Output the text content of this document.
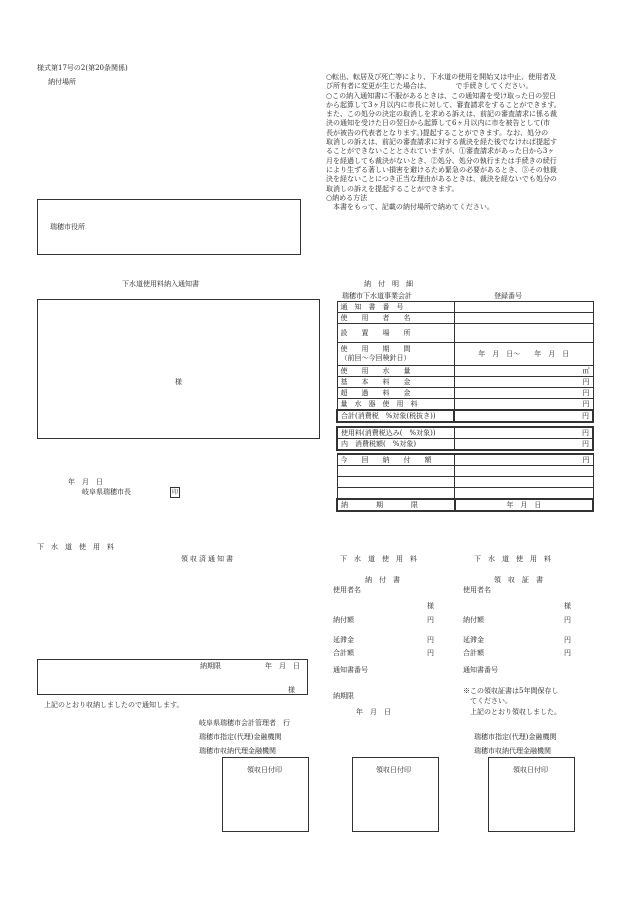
様式第17号の2(第20条関係)
納付場所
○転出、転居及び死亡等により、下水道の使用を開始又は中止、使用者及
び所有者に変更が生じた場合は、　　　　で手続きしてください。
○この納入通知書に不服があるときは、この通知書を受け取った日の翌日
から起算して3ヶ月以内に市長に対して、審査請求をすることができます。
また、この処分の決定の取消しを求める訴えは、前記の審査請求に係る裁
決の通知を受けた日の翌日から起算して6ヶ月以内に市を被告として(市
長が被告の代表者となります。)提起することができます。なお、処分の
取消しの訴えは、前記の審査請求に対する裁決を経た後でなければ提起す
ることができないこととされていますが、①審査請求があった日から3ヶ
月を経過しても裁決がないとき、②処分、処分の執行または手続きの続行
により生ずる著しい損害を避けるため緊急の必要があるとき、③その他裁
決を経ないことにつき正当な理由があるときは、裁決を経ないでも処分の
取消しの訴えを提起することができます。
○納める方法
　本書をもって、記載の納付場所で納めてください。
瑞穂市役所
下水道使用料納入通知書
様
年　月　日
岐阜県瑞穂市長	印
納　付　明　細
瑞穂市下水道事業会計	登録番号
通　知　書　番　号	
使　　用　　者　　名	
設　　置　　場　　所	

使　　用　　期　　間
（前回〜今回検針日）	年　月　日〜　　年　月　日
使　　用　　水　　量	㎥
基　　本　　料　　金	円
超　　過　　料　　金	円
量　水　器　使　用　料	円
合計(消費税　%対象(税抜き))	円
使用料(消費税込み(　%対象))	円
内　消費税額(　%対象)	円
今　　回　　納　　付　　額	円

納　　　　期　　　　限	年　月　日
下　水　道　使　用　料
領収済通知書
納期限	年　月　日
様
上記のとおり収納しましたので通知します。
岐阜県瑞穂市会計管理者　行
瑞穂市指定(代理)金融機関
瑞穂市収納代理金融機関
領収日付印
下　水　道　使　用　料
納　付　書
使用者名
様
納付額	円
延滞金	円
合計額	円
通知書番号
納期限
年　月　日
領収日付印
下　水　道　使　用　料
領　収　証　書
使用者名
様
納付額	円
延滞金	円
合計額	円
通知書番号
※この領収証書は5年間保存し
てください。
上記のとおり領収しました。
瑞穂市指定(代理)金融機関
瑞穂市収納代理金融機関
領収日付印
